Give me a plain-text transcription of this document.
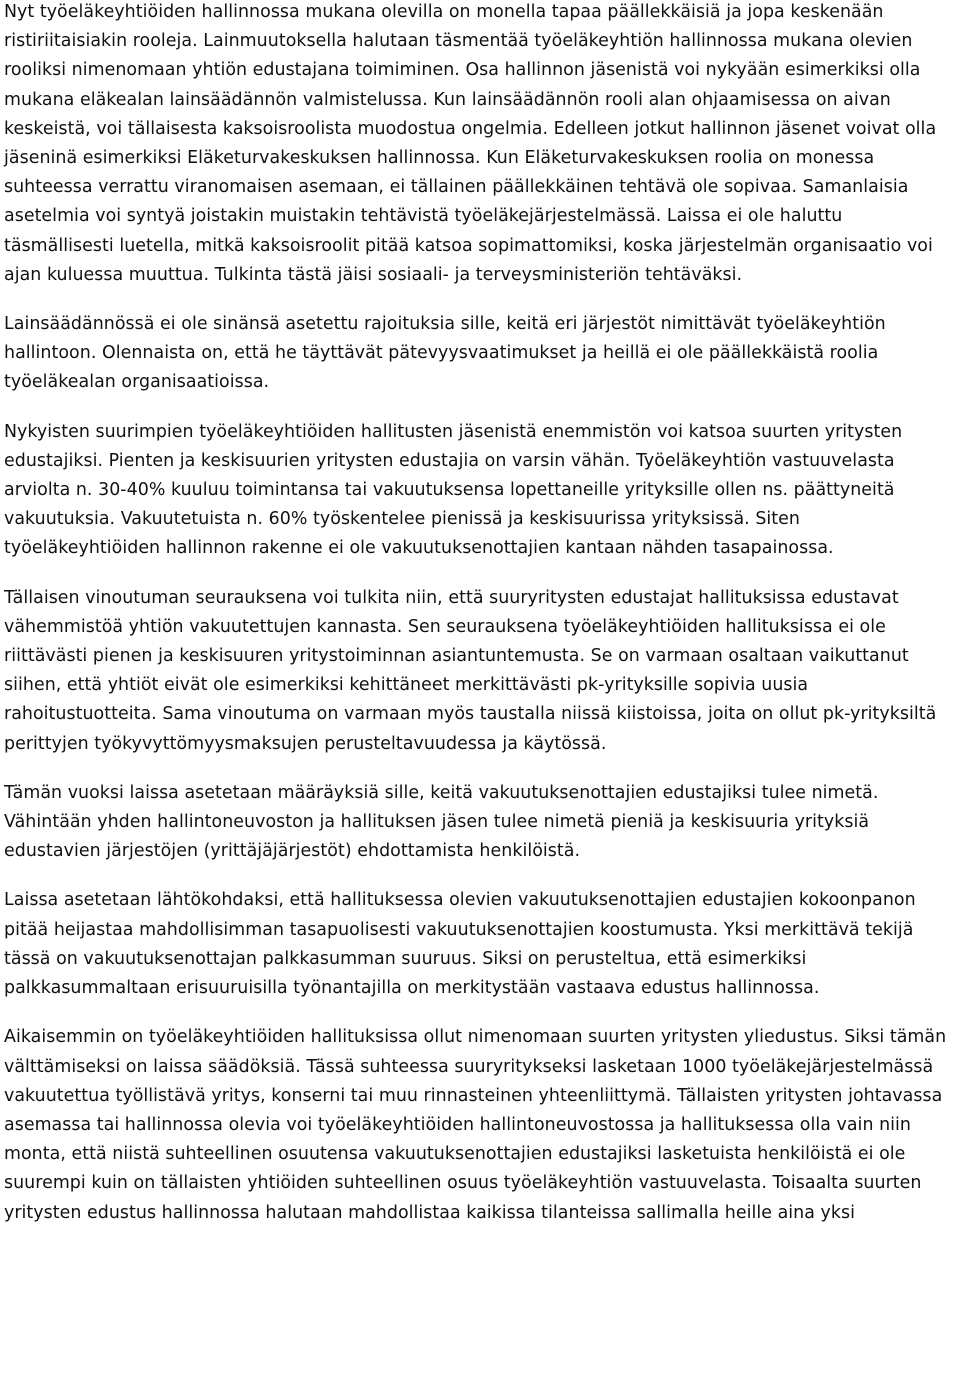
Nyt työeläkeyhtiöiden hallinnossa mukana olevilla on monella tapaa päällekkäisiä ja jopa keskenään ristiriitaisiakin rooleja. Lainmuutoksella halutaan täsmentää työeläkeyhtiön hallinnossa mukana olevien rooliksi nimenomaan yhtiön edustajana toimiminen. Osa hallinnon jäsenistä voi nykyään esimerkiksi olla mukana eläkealan lainsäädännön valmistelussa. Kun lainsäädännön rooli alan ohjaamisessa on aivan keskeistä, voi tällaisesta kaksoisroolista muodostua ongelmia. Edelleen jotkut hallinnon jäsenet voivat olla jäseninä esimerkiksi Eläketurvakeskuksen hallinnossa. Kun Eläketurvakeskuksen roolia on monessa suhteessa verrattu viranomaisen asemaan, ei tällainen päällekkäinen tehtävä ole sopivaa. Samanlaisia asetelmia voi syntyä joistakin muistakin tehtävistä työeläkejärjestelmässä. Laissa ei ole haluttu täsmällisesti luetella, mitkä kaksoisroolit pitää katsoa sopimattomiksi, koska järjestelmän organisaatio voi ajan kuluessa muuttua. Tulkinta tästä jäisi sosiaali- ja terveysministeriön tehtäväksi.

Lainsäädännössä ei ole sinänsä asetettu rajoituksia sille, keitä eri järjestöt nimittävät työeläkeyhtiön hallintoon. Olennaista on, että he täyttävät pätevyysvaatimukset ja heillä ei ole päällekkäistä roolia työeläkealan organisaatioissa.

Nykyisten suurimpien työeläkeyhtiöiden hallitusten jäsenistä enemmistön voi katsoa suurten yritysten edustajiksi. Pienten ja keskisuurien yritysten edustajia on varsin vähän. Työeläkeyhtiön vastuuvelasta arviolta n. 30-40% kuuluu toimintansa tai vakuutuksensa lopettaneille yrityksille ollen ns. päättyneitä vakuutuksia. Vakuutetuista n. 60% työskentelee pienissä ja keskisuurissa yrityksissä. Siten työeläkeyhtiöiden hallinnon rakenne ei ole vakuutuksenottajien kantaan nähden tasapainossa.

Tällaisen vinoutuman seurauksena voi tulkita niin, että suuryritysten edustajat hallituksissa edustavat vähemmistöä yhtiön vakuutettujen kannasta. Sen seurauksena työeläkeyhtiöiden hallituksissa ei ole riittävästi pienen ja keskisuuren yritystoiminnan asiantuntemusta. Se on varmaan osaltaan vaikuttanut siihen, että yhtiöt eivät ole esimerkiksi kehittäneet merkittävästi pk-yrityksille sopivia uusia rahoitustuotteita. Sama vinoutuma on varmaan myös taustalla niissä kiistoissa, joita on ollut pk-yrityksiltä perittyjen työkyvyttömyysmaksujen perusteltavuudessa ja käytössä.

Tämän vuoksi laissa asetetaan määräyksiä sille, keitä vakuutuksenottajien edustajiksi tulee nimetä. Vähintään yhden hallintoneuvoston ja hallituksen jäsen tulee nimetä pieniä ja keskisuuria yrityksiä edustavien järjestöjen (yrittäjäjärjestöt) ehdottamista henkilöistä.

Laissa asetetaan lähtökohdaksi, että hallituksessa olevien vakuutuksenottajien edustajien kokoonpanon pitää heijastaa mahdollisimman tasapuolisesti vakuutuksenottajien koostumusta. Yksi merkittävä tekijä tässä on vakuutuksenottajan palkkasumman suuruus. Siksi on perusteltua, että esimerkiksi palkkasummaltaan erisuuruisilla työnantajilla on merkitystään vastaava edustus hallinnossa.

Aikaisemmin on työeläkeyhtiöiden hallituksissa ollut nimenomaan suurten yritysten yliedustus. Siksi tämän välttämiseksi on laissa säädöksiä. Tässä suhteessa suuryritykseksi lasketaan 1000 työeläkejärjestelmässä vakuutettua työllistävä yritys, konserni tai muu rinnasteinen yhteenliittymä. Tällaisten yritysten johtavassa asemassa tai hallinnossa olevia voi työeläkeyhtiöiden hallintoneuvostossa ja hallituksessa olla vain niin monta, että niistä suhteellinen osuutensa vakuutuksenottajien edustajiksi lasketuista henkilöistä ei ole suurempi kuin on tällaisten yhtiöiden suhteellinen osuus työeläkeyhtiön vastuuvelasta. Toisaalta suurten yritysten edustus hallinnossa halutaan mahdollistaa kaikissa tilanteissa sallimalla heille aina yksi
